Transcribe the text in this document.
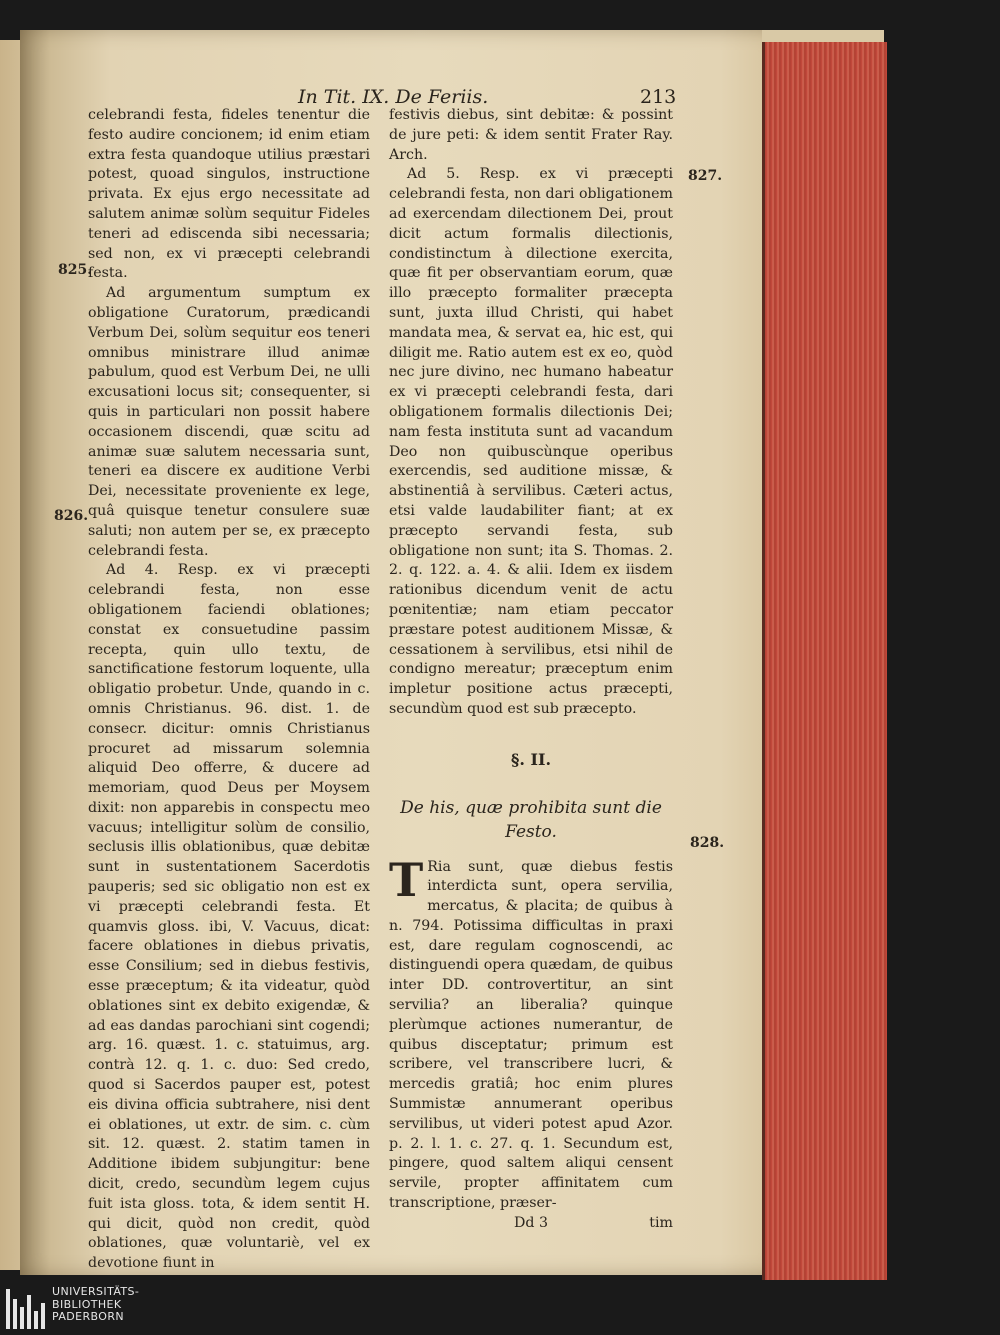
In Tit. IX. De Feriis.	213
825.
826.
827.
828.

celebrandi festa, fideles tenentur die festo audire concionem; id enim etiam extra festa quandoque utilius præstari potest, quoad singulos, instructione privata. Ex ejus ergo necessitate ad salutem animæ solùm sequitur Fideles teneri ad ediscenda sibi necessaria; sed non, ex vi præcepti celebrandi festa.

Ad argumentum sumptum ex obligatione Curatorum, prædicandi Verbum Dei, solùm sequitur eos teneri omnibus ministrare illud animæ pabulum, quod est Verbum Dei, ne ulli excusationi locus sit; consequenter, si quis in particulari non possit habere occasionem discendi, quæ scitu ad animæ suæ salutem necessaria sunt, teneri ea discere ex auditione Verbi Dei, necessitate proveniente ex lege, quâ quisque tenetur consulere suæ saluti; non autem per se, ex præcepto celebrandi festa.

Ad 4. Resp. ex vi præcepti celebrandi festa, non esse obligationem faciendi oblationes; constat ex consuetudine passim recepta, quin ullo textu, de sanctificatione festorum loquente, ulla obligatio probetur. Unde, quando in c. omnis Christianus. 96. dist. 1. de consecr. dicitur: omnis Christianus procuret ad missarum solemnia aliquid Deo offerre, & ducere ad memoriam, quod Deus per Moysem dixit: non apparebis in conspectu meo vacuus; intelligitur solùm de consilio, seclusis illis oblationibus, quæ debitæ sunt in sustentationem Sacerdotis pauperis; sed sic obligatio non est ex vi præcepti celebrandi festa. Et quamvis gloss. ibi, V. Vacuus, dicat: facere oblationes in diebus privatis, esse Consilium; sed in diebus festivis, esse præceptum; & ita videatur, quòd oblationes sint ex debito exigendæ, & ad eas dandas parochiani sint cogendi; arg. 16. quæst. 1. c. statuimus, arg. contrà 12. q. 1. c. duo: Sed credo, quod si Sacerdos pauper est, potest eis divina officia subtrahere, nisi dent ei oblationes, ut extr. de sim. c. cùm sit. 12. quæst. 2. statim tamen in Additione ibidem subjungitur: bene dicit, credo, secundùm legem cujus fuit ista gloss. tota, & idem sentit H. qui dicit, quòd non credit, quòd oblationes, quæ voluntariè, vel ex devotione fiunt in

festivis diebus, sint debitæ: & possint de jure peti: & idem sentit Frater Ray. Arch.

Ad 5. Resp. ex vi præcepti celebrandi festa, non dari obligationem ad exercendam dilectionem Dei, prout dicit actum formalis dilectionis, condistinctum à dilectione exercita, quæ fit per observantiam eorum, quæ illo præcepto formaliter præcepta sunt, juxta illud Christi, qui habet mandata mea, & servat ea, hic est, qui diligit me. Ratio autem est ex eo, quòd nec jure divino, nec humano habeatur ex vi præcepti celebrandi festa, dari obligationem formalis dilectionis Dei; nam festa instituta sunt ad vacandum Deo non quibuscùnque operibus exercendis, sed auditione missæ, & abstinentiâ à servilibus. Cæteri actus, etsi valde laudabiliter fiant; at ex præcepto servandi festa, sub obligatione non sunt; ita S. Thomas. 2. 2. q. 122. a. 4. & alii. Idem ex iisdem rationibus dicendum venit de actu pœnitentiæ; nam etiam peccator præstare potest auditionem Missæ, & cessationem à servilibus, etsi nihil de condigno mereatur; præceptum enim impletur positione actus præcepti, secundùm quod est sub præcepto.

§. II.
De his, quæ prohibita sunt die Festo.

T Ria sunt, quæ diebus festis interdicta sunt, opera servilia, mercatus, & placita; de quibus à n. 794. Potissima difficultas in praxi est, dare regulam cognoscendi, ac distinguendi opera quædam, de quibus inter DD. controvertitur, an sint servilia? an liberalia? quinque plerùmque actiones numerantur, de quibus disceptatur; primum est scribere, vel transcribere lucri, & mercedis gratiâ; hoc enim plures Summistæ annumerant operibus servilibus, ut videri potest apud Azor. p. 2. l. 1. c. 27. q. 1. Secundum est, pingere, quod saltem aliqui censent servile, propter affinitatem cum transcriptione, præser-

Dd 3	tim
UNIVERSITÄTS-
BIBLIOTHEK
PADERBORN
